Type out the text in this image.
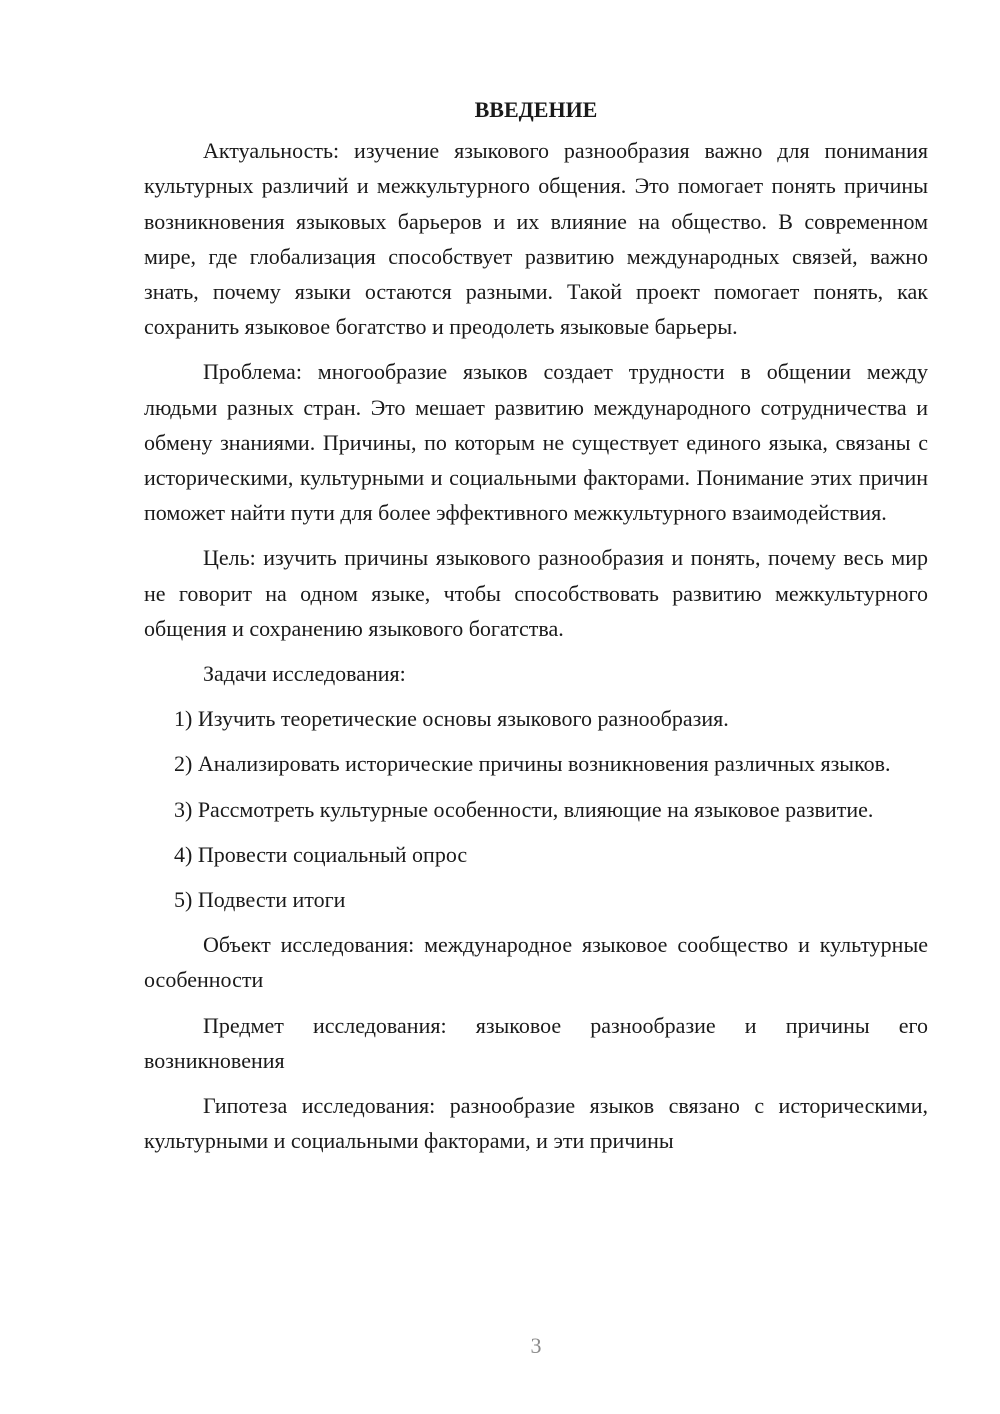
ВВЕДЕНИЕ

Актуальность: изучение языкового разнообразия важно для понимания культурных различий и межкультурного общения. Это помогает понять причины возникновения языковых барьеров и их влияние на общество. В современном мире, где глобализация способствует развитию международных связей, важно знать, почему языки остаются разными. Такой проект помогает понять, как сохранить языковое богатство и преодолеть языковые барьеры.

Проблема: многообразие языков создает трудности в общении между людьми разных стран. Это мешает развитию международного сотрудничества и обмену знаниями. Причины, по которым не существует единого языка, связаны с историческими, культурными и социальными факторами. Понимание этих причин поможет найти пути для более эффективного межкультурного взаимодействия.

Цель: изучить причины языкового разнообразия и понять, почему весь мир не говорит на одном языке, чтобы способствовать развитию межкультурного общения и сохранению языкового богатства.

Задачи исследования:

1) Изучить теоретические основы языкового разнообразия.

2) Анализировать исторические причины возникновения различных языков.

3) Рассмотреть культурные особенности, влияющие на языковое развитие.

4) Провести социальный опрос

5) Подвести итоги

Объект исследования: международное языковое сообщество и культурные особенности

Предмет исследования: языковое разнообразие и причины его возникновения

Гипотеза исследования: разнообразие языков связано с историческими, культурными и социальными факторами, и эти причины

3
